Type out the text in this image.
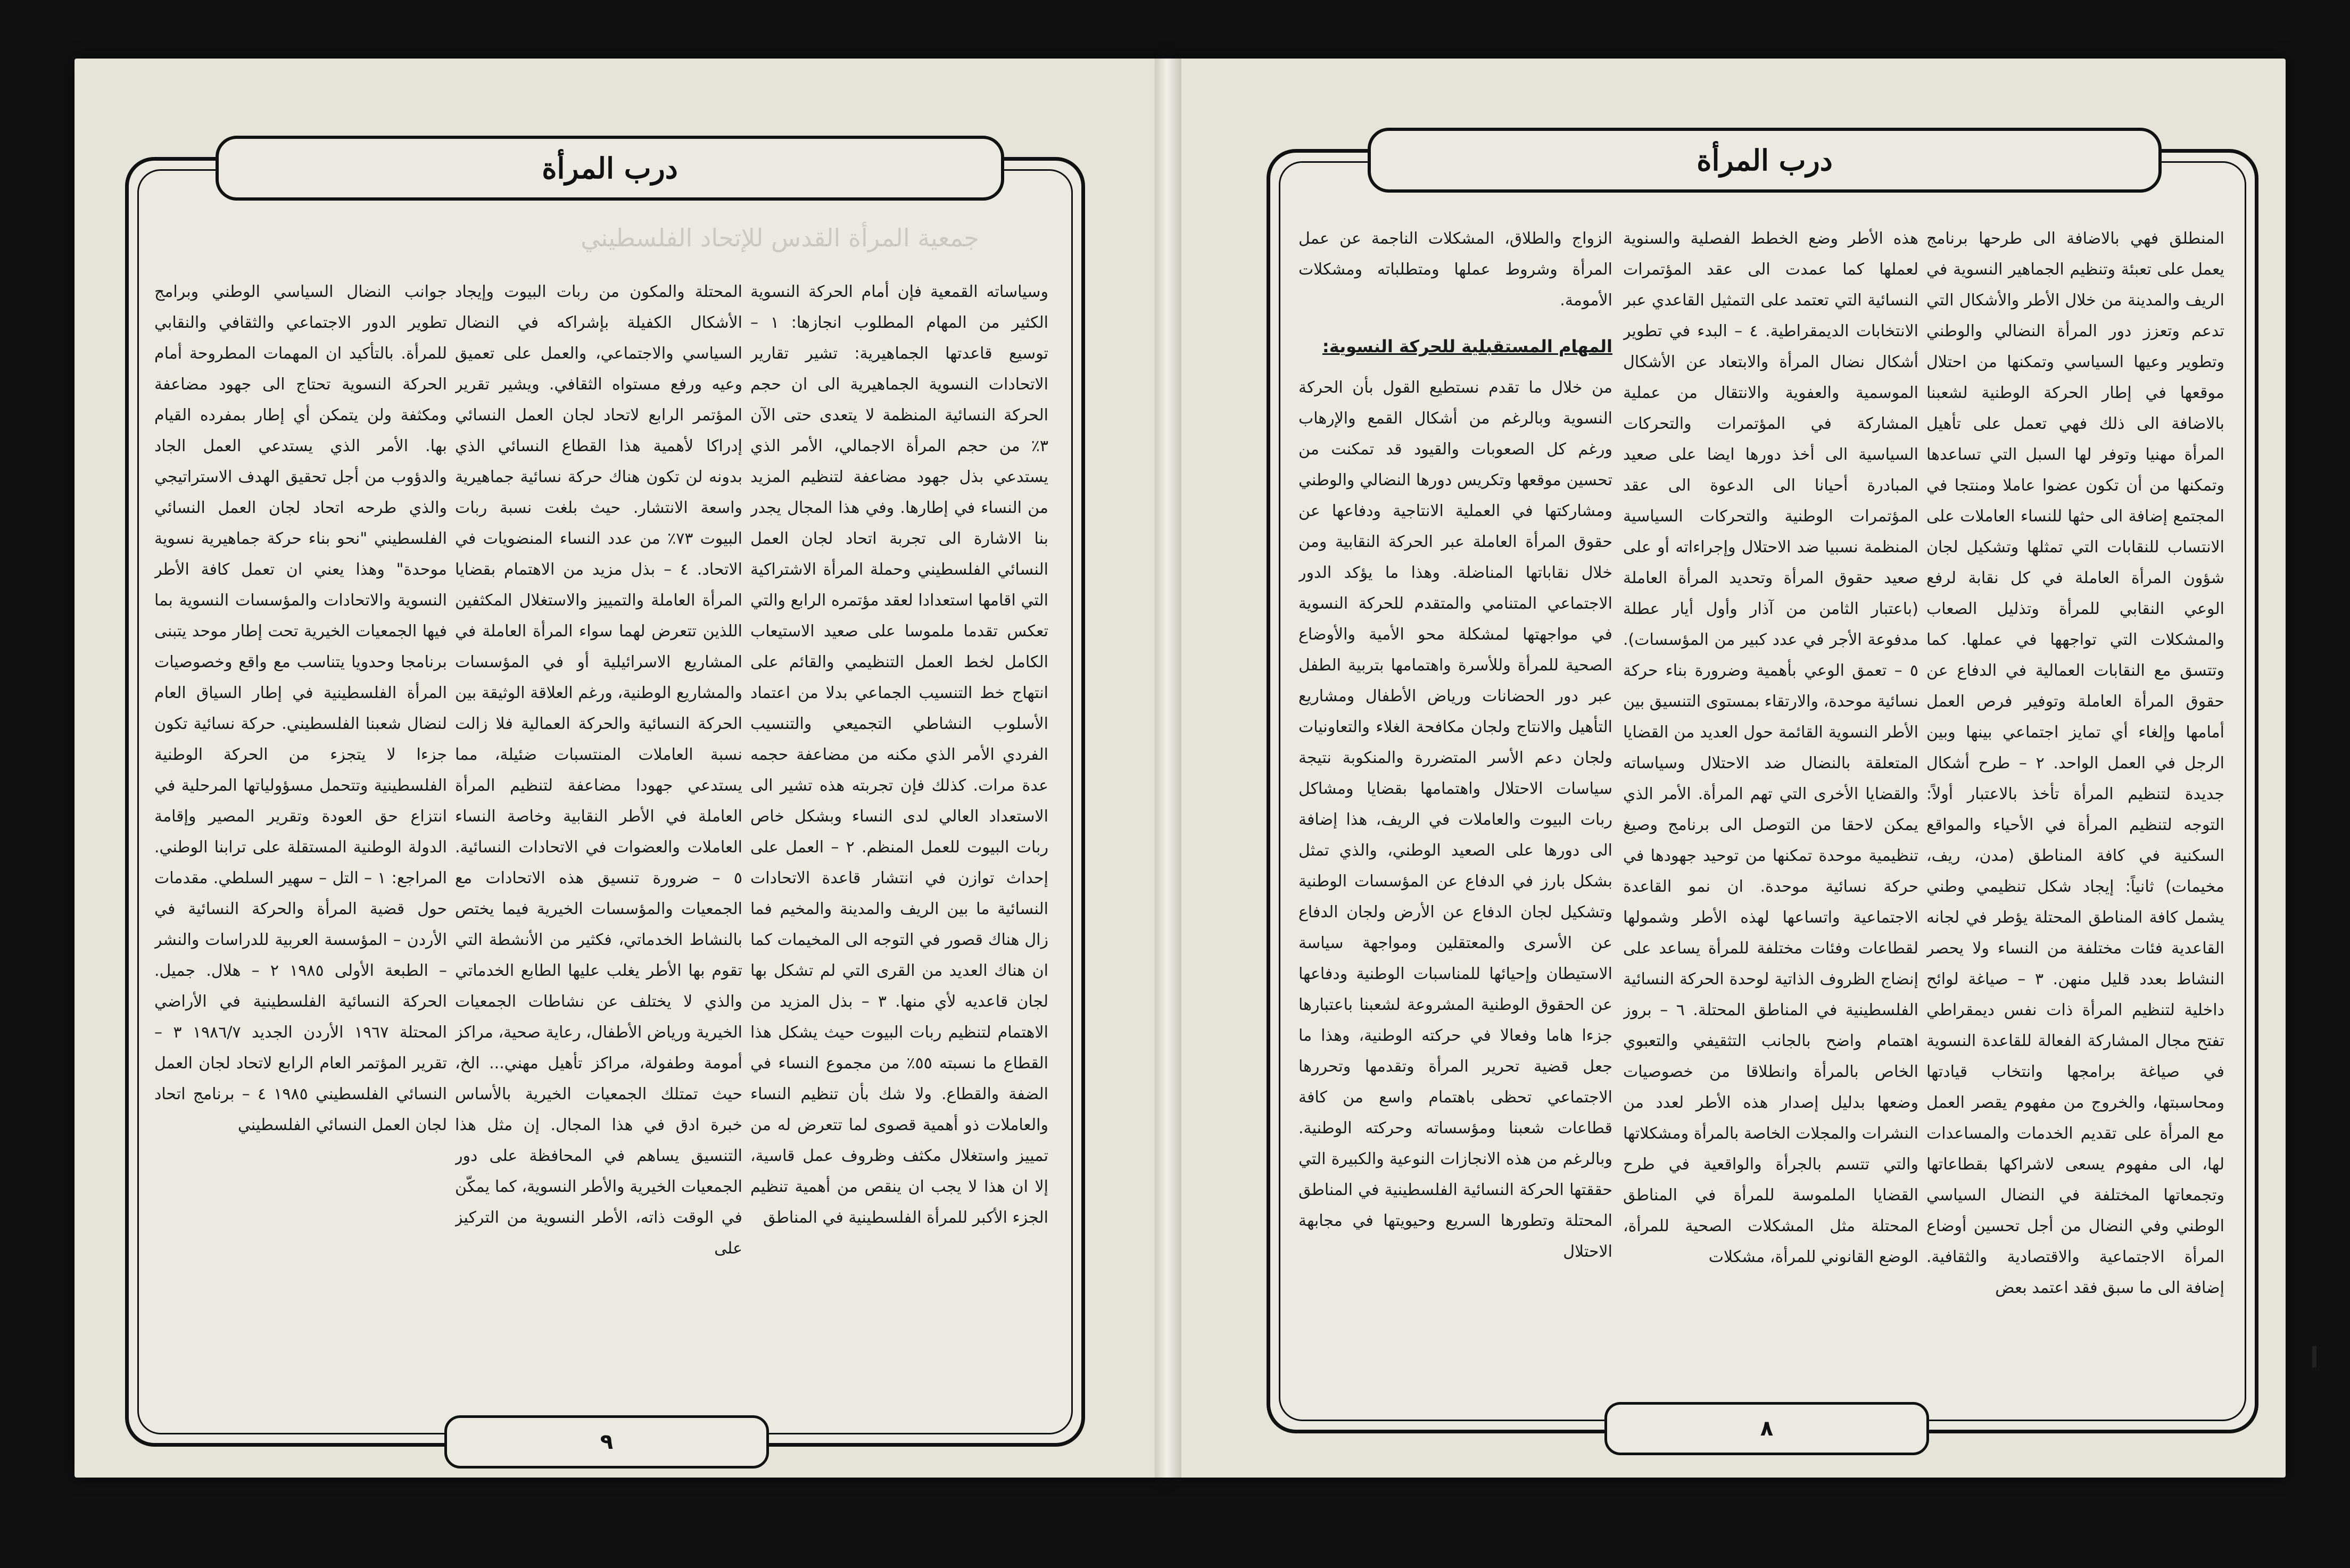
درب المرأة
جمعية المرأة القدس للإتحاد الفلسطيني
وسياساته القمعية فإن أمام الحركة النسوية الكثير من المهام المطلوب انجازها: ١ – توسيع قاعدتها الجماهيرية: تشير تقارير الاتحادات النسوية الجماهيرية الى ان حجم الحركة النسائية المنظمة لا يتعدى حتى الآن ٣٪ من حجم المرأة الاجمالي، الأمر الذي يستدعي بذل جهود مضاعفة لتنظيم المزيد من النساء في إطارها. وفي هذا المجال يجدر بنا الاشارة الى تجربة اتحاد لجان العمل النسائي الفلسطيني وحملة المرأة الاشتراكية التي اقامها استعدادا لعقد مؤتمره الرابع والتي تعكس تقدما ملموسا على صعيد الاستيعاب الكامل لخط العمل التنظيمي والقائم على انتهاج خط التنسيب الجماعي بدلا من اعتماد الأسلوب النشاطي التجميعي والتنسيب الفردي الأمر الذي مكنه من مضاعفة حجمه عدة مرات. كذلك فإن تجربته هذه تشير الى الاستعداد العالي لدى النساء وبشكل خاص ربات البيوت للعمل المنظم. ٢ – العمل على إحداث توازن في انتشار قاعدة الاتحادات النسائية ما بين الريف والمدينة والمخيم فما زال هناك قصور في التوجه الى المخيمات كما ان هناك العديد من القرى التي لم تشكل بها لجان قاعديه لأي منها. ٣ – بذل المزيد من الاهتمام لتنظيم ربات البيوت حيث يشكل هذا القطاع ما نسبته ٥٥٪ من مجموع النساء في الضفة والقطاع. ولا شك بأن تنظيم النساء والعاملات ذو أهمية قصوى لما تتعرض له من تمييز واستغلال مكثف وظروف عمل قاسية، إلا ان هذا لا يجب ان ينقص من أهمية تنظيم الجزء الأكبر للمرأة الفلسطينية في المناطق
المحتلة والمكون من ربات البيوت وإيجاد الأشكال الكفيلة بإشراكه في النضال السياسي والاجتماعي، والعمل على تعميق وعيه ورفع مستواه الثقافي. ويشير تقرير المؤتمر الرابع لاتحاد لجان العمل النسائي إدراكا لأهمية هذا القطاع النسائي الذي بدونه لن تكون هناك حركة نسائية جماهيرية واسعة الانتشار. حيث بلغت نسبة ربات البيوت ٧٣٪ من عدد النساء المنضويات في الاتحاد. ٤ – بذل مزيد من الاهتمام بقضايا المرأة العاملة والتمييز والاستغلال المكثفين اللذين تتعرض لهما سواء المرأة العاملة في المشاريع الاسرائيلية أو في المؤسسات والمشاريع الوطنية، ورغم العلاقة الوثيقة بين الحركة النسائية والحركة العمالية فلا زالت نسبة العاملات المنتسبات ضئيلة، مما يستدعي جهودا مضاعفة لتنظيم المرأة العاملة في الأطر النقابية وخاصة النساء العاملات والعضوات في الاتحادات النسائية. ٥ – ضرورة تنسيق هذه الاتحادات مع الجمعيات والمؤسسات الخيرية فيما يختص بالنشاط الخدماتي، فكثير من الأنشطة التي تقوم بها الأطر يغلب عليها الطابع الخدماتي والذي لا يختلف عن نشاطات الجمعيات الخيرية ورياض الأطفال، رعاية صحية، مراكز أمومة وطفولة، مراكز تأهيل مهني... الخ، حيث تمتلك الجمعيات الخيرية بالأساس خبرة ادق في هذا المجال. إن مثل هذا التنسيق يساهم في المحافظة على دور الجمعيات الخيرية والأطر النسوية، كما يمكّن في الوقت ذاته، الأطر النسوية من التركيز على
جوانب النضال السياسي الوطني وبرامج تطوير الدور الاجتماعي والثقافي والنقابي للمرأة. بالتأكيد ان المهمات المطروحة أمام الحركة النسوية تحتاج الى جهود مضاعفة ومكثفة ولن يتمكن أي إطار بمفرده القيام بها. الأمر الذي يستدعي العمل الجاد والدؤوب من أجل تحقيق الهدف الاستراتيجي والذي طرحه اتحاد لجان العمل النسائي الفلسطيني "نحو بناء حركة جماهيرية نسوية موحدة" وهذا يعني ان تعمل كافة الأطر النسوية والاتحادات والمؤسسات النسوية بما فيها الجمعيات الخيرية تحت إطار موحد يتبنى برنامجا وحدويا يتناسب مع واقع وخصوصيات المرأة الفلسطينية في إطار السياق العام لنضال شعبنا الفلسطيني. حركة نسائية تكون جزءا لا يتجزء من الحركة الوطنية الفلسطينية وتتحمل مسؤولياتها المرحلية في انتزاع حق العودة وتقرير المصير وإقامة الدولة الوطنية المستقلة على ترابنا الوطني. المراجع: ١ – التل – سهير السلطي. مقدمات حول قضية المرأة والحركة النسائية في الأردن – المؤسسة العربية للدراسات والنشر – الطبعة الأولى ١٩٨٥ ٢ – هلال. جميل. الحركة النسائية الفلسطينية في الأراضي المحتلة ١٩٦٧ الأردن الجديد ١٩٨٦/٧ ٣ – تقرير المؤتمر العام الرابع لاتحاد لجان العمل النسائي الفلسطيني ١٩٨٥ ٤ – برنامج اتحاد لجان العمل النسائي الفلسطيني
٩
درب المرأة
المنطلق فهي بالاضافة الى طرحها برنامج يعمل على تعبئة وتنظيم الجماهير النسوية في الريف والمدينة من خلال الأطر والأشكال التي تدعم وتعزز دور المرأة النضالي والوطني وتطوير وعيها السياسي وتمكنها من احتلال موقعها في إطار الحركة الوطنية لشعبنا بالاضافة الى ذلك فهي تعمل على تأهيل المرأة مهنيا وتوفر لها السبل التي تساعدها وتمكنها من أن تكون عضوا عاملا ومنتجا في المجتمع إضافة الى حثها للنساء العاملات على الانتساب للنقابات التي تمثلها وتشكيل لجان شؤون المرأة العاملة في كل نقابة لرفع الوعي النقابي للمرأة وتذليل الصعاب والمشكلات التي تواجهها في عملها. كما وتتسق مع النقابات العمالية في الدفاع عن حقوق المرأة العاملة وتوفير فرص العمل أمامها وإلغاء أي تمايز اجتماعي بينها وبين الرجل في العمل الواحد. ٢ – طرح أشكال جديدة لتنظيم المرأة تأخذ بالاعتبار أولاً: التوجه لتنظيم المرأة في الأحياء والمواقع السكنية في كافة المناطق (مدن، ريف، مخيمات) ثانياً: إيجاد شكل تنظيمي وطني يشمل كافة المناطق المحتلة يؤطر في لجانه القاعدية فئات مختلفة من النساء ولا يحصر النشاط بعدد قليل منهن. ٣ – صياغة لوائح داخلية لتنظيم المرأة ذات نفس ديمقراطي تفتح مجال المشاركة الفعالة للقاعدة النسوية في صياغة برامجها وانتخاب قيادتها ومحاسبتها، والخروج من مفهوم يقصر العمل مع المرأة على تقديم الخدمات والمساعدات لها، الى مفهوم يسعى لاشراكها بقطاعاتها وتجمعاتها المختلفة في النضال السياسي الوطني وفي النضال من أجل تحسين أوضاع المرأة الاجتماعية والاقتصادية والثقافية. إضافة الى ما سبق فقد اعتمد بعض
هذه الأطر وضع الخطط الفصلية والسنوية لعملها كما عمدت الى عقد المؤتمرات النسائية التي تعتمد على التمثيل القاعدي عبر الانتخابات الديمقراطية. ٤ – البدء في تطوير أشكال نضال المرأة والابتعاد عن الأشكال الموسمية والعفوية والانتقال من عملية المشاركة في المؤتمرات والتحركات السياسية الى أخذ دورها ايضا على صعيد المبادرة أحيانا الى الدعوة الى عقد المؤتمرات الوطنية والتحركات السياسية المنظمة نسبيا ضد الاحتلال وإجراءاته أو على صعيد حقوق المرأة وتحديد المرأة العاملة (باعتبار الثامن من آذار وأول أيار عطلة مدفوعة الأجر في عدد كبير من المؤسسات). ٥ – تعمق الوعي بأهمية وضرورة بناء حركة نسائية موحدة، والارتقاء بمستوى التنسيق بين الأطر النسوية القائمة حول العديد من القضايا المتعلقة بالنضال ضد الاحتلال وسياساته والقضايا الأخرى التي تهم المرأة. الأمر الذي يمكن لاحقا من التوصل الى برنامج وصيغ تنظيمية موحدة تمكنها من توحيد جهودها في حركة نسائية موحدة. ان نمو القاعدة الاجتماعية واتساعها لهذه الأطر وشمولها لقطاعات وفئات مختلفة للمرأة يساعد على إنضاج الظروف الذاتية لوحدة الحركة النسائية الفلسطينية في المناطق المحتلة. ٦ – بروز اهتمام واضح بالجانب التثقيفي والتعبوي الخاص بالمرأة وانطلاقا من خصوصيات وضعها بدليل إصدار هذه الأطر لعدد من النشرات والمجلات الخاصة بالمرأة ومشكلاتها والتي تتسم بالجرأة والواقعية في طرح القضايا الملموسة للمرأة في المناطق المحتلة مثل المشكلات الصحية للمرأة، الوضع القانوني للمرأة، مشكلات

الزواج والطلاق، المشكلات الناجمة عن عمل المرأة وشروط عملها ومتطلباته ومشكلات الأمومة.

المهام المستقبلية للحركة النسوية:

من خلال ما تقدم نستطيع القول بأن الحركة النسوية وبالرغم من أشكال القمع والإرهاب ورغم كل الصعوبات والقيود قد تمكنت من تحسين موقعها وتكريس دورها النضالي والوطني ومشاركتها في العملية الانتاجية ودفاعها عن حقوق المرأة العاملة عبر الحركة النقابية ومن خلال نقاباتها المناضلة. وهذا ما يؤكد الدور الاجتماعي المتنامي والمتقدم للحركة النسوية في مواجهتها لمشكلة محو الأمية والأوضاع الصحية للمرأة وللأسرة واهتمامها بتربية الطفل عبر دور الحضانات ورياض الأطفال ومشاريع التأهيل والانتاج ولجان مكافحة الغلاء والتعاونيات ولجان دعم الأسر المتضررة والمنكوبة نتيجة سياسات الاحتلال واهتمامها بقضايا ومشاكل ربات البيوت والعاملات في الريف، هذا إضافة الى دورها على الصعيد الوطني، والذي تمثل بشكل بارز في الدفاع عن المؤسسات الوطنية وتشكيل لجان الدفاع عن الأرض ولجان الدفاع عن الأسرى والمعتقلين ومواجهة سياسة الاستيطان وإحيائها للمناسبات الوطنية ودفاعها عن الحقوق الوطنية المشروعة لشعبنا باعتبارها جزءا هاما وفعالا في حركته الوطنية، وهذا ما جعل قضية تحرير المرأة وتقدمها وتحررها الاجتماعي تحظى باهتمام واسع من كافة قطاعات شعبنا ومؤسساته وحركته الوطنية. وبالرغم من هذه الانجازات النوعية والكبيرة التي حققتها الحركة النسائية الفلسطينية في المناطق المحتلة وتطورها السريع وحيويتها في مجابهة الاحتلال

٨
